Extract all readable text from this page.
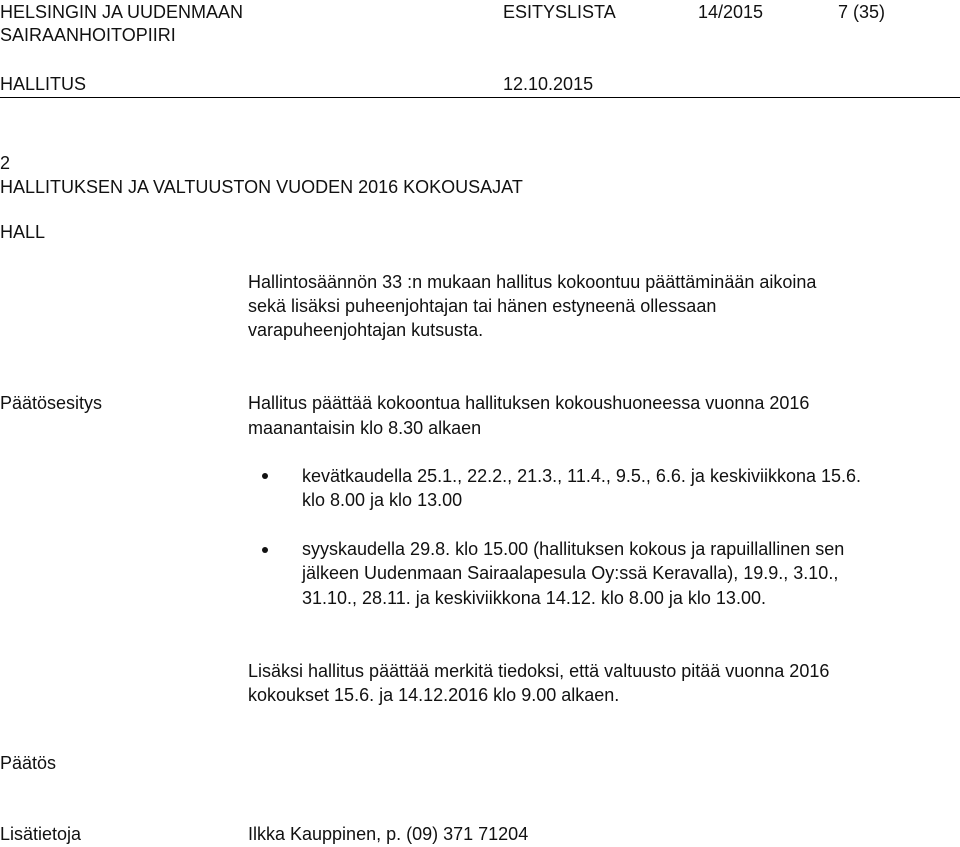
HELSINGIN JA UUDENMAAN
SAIRAANHOITOPIIRI
ESITYSLISTA	14/2015	7 (35)
HALLITUS	12.10.2015
2
HALLITUKSEN JA VALTUUSTON VUODEN 2016 KOKOUSAJAT
HALL
Hallintosäännön 33 :n mukaan hallitus kokoontuu päättäminään aikoina
sekä lisäksi puheenjohtajan tai hänen estyneenä ollessaan
varapuheenjohtajan kutsusta.
Päätösesitys	Hallitus päättää kokoontua hallituksen kokoushuoneessa vuonna 2016
maanantaisin klo 8.30 alkaen
kevätkaudella 25.1., 22.2., 21.3., 11.4., 9.5., 6.6. ja keskiviikkona 15.6.
klo 8.00 ja klo 13.00
syyskaudella 29.8. klo 15.00 (hallituksen kokous ja rapuillallinen sen
jälkeen Uudenmaan Sairaalapesula Oy:ssä Keravalla), 19.9., 3.10.,
31.10., 28.11. ja keskiviikkona 14.12. klo 8.00 ja klo 13.00.
Lisäksi hallitus päättää merkitä tiedoksi, että valtuusto pitää vuonna 2016
kokoukset 15.6. ja 14.12.2016 klo 9.00 alkaen.
Päätös
Lisätietoja	Ilkka Kauppinen, p. (09) 371 71204
